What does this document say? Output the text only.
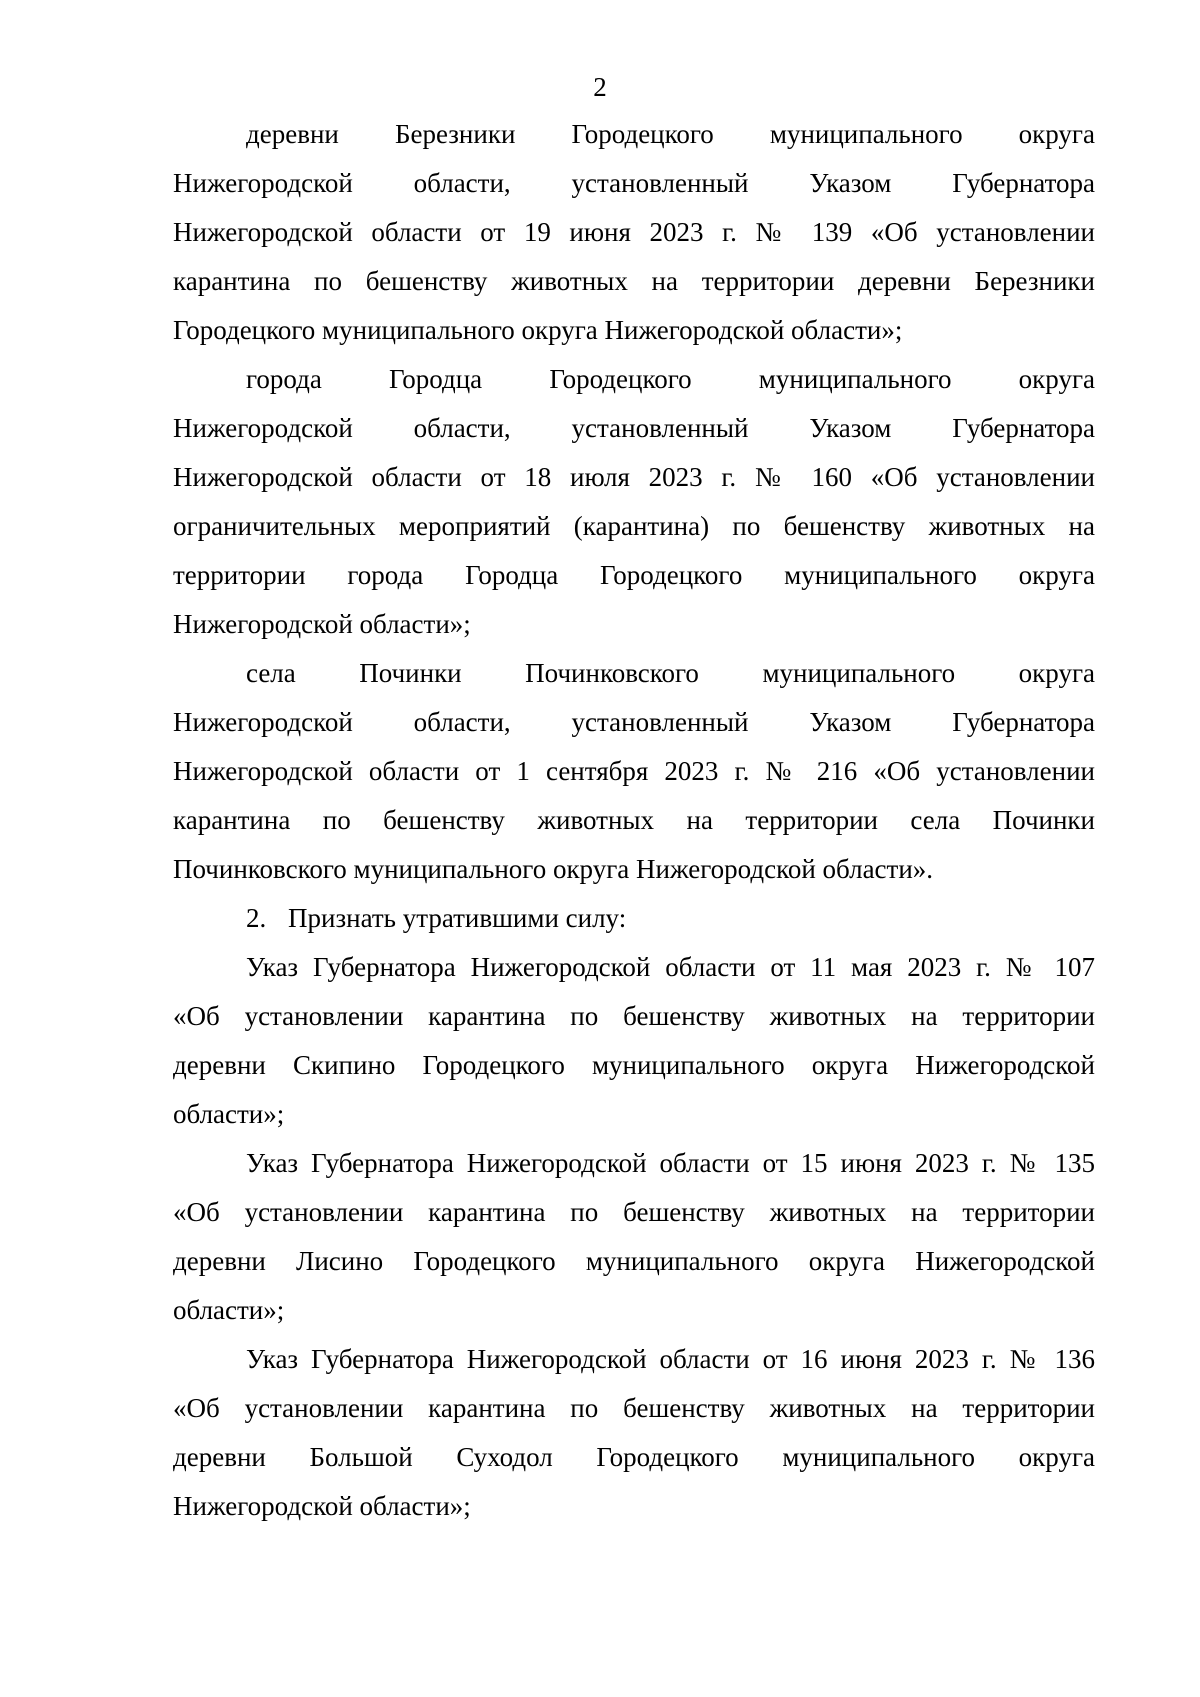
2

деревни Березники Городецкого муниципального округа
Нижегородской области, установленный Указом Губернатора
Нижегородской области от 19 июня 2023 г. № 139 «Об установлении
карантина по бешенству животных на территории деревни Березники
Городецкого муниципального округа Нижегородской области»;

города Городца Городецкого муниципального округа
Нижегородской области, установленный Указом Губернатора
Нижегородской области от 18 июля 2023 г. № 160 «Об установлении
ограничительных мероприятий (карантина) по бешенству животных на
территории города Городца Городецкого муниципального округа
Нижегородской области»;

села Починки Починковского муниципального округа
Нижегородской области, установленный Указом Губернатора
Нижегородской области от 1 сентября 2023 г. № 216 «Об установлении
карантина по бешенству животных на территории села Починки
Починковского муниципального округа Нижегородской области».

2. Признать утратившими силу:

Указ Губернатора Нижегородской области от 11 мая 2023 г. № 107
«Об установлении карантина по бешенству животных на территории
деревни Скипино Городецкого муниципального округа Нижегородской
области»;

Указ Губернатора Нижегородской области от 15 июня 2023 г. № 135
«Об установлении карантина по бешенству животных на территории
деревни Лисино Городецкого муниципального округа Нижегородской
области»;

Указ Губернатора Нижегородской области от 16 июня 2023 г. № 136
«Об установлении карантина по бешенству животных на территории
деревни Большой Суходол Городецкого муниципального округа
Нижегородской области»;
